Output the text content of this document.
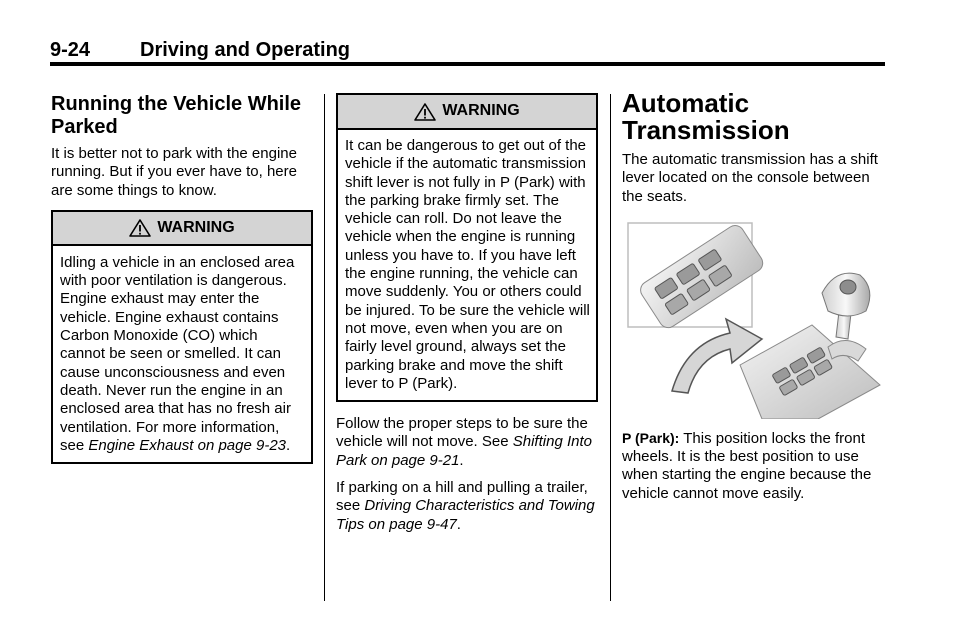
9-24 Driving and Operating
Running the Vehicle While Parked

It is better not to park with the engine running. But if you ever have to, here are some things to know.

WARNING
Idling a vehicle in an enclosed area with poor ventilation is dangerous. Engine exhaust may enter the vehicle. Engine exhaust contains Carbon Monoxide (CO) which cannot be seen or smelled. It can cause unconsciousness and even death. Never run the engine in an enclosed area that has no fresh air ventilation. For more information, see Engine Exhaust on page 9-23.
WARNING
It can be dangerous to get out of the vehicle if the automatic transmission shift lever is not fully in P (Park) with the parking brake firmly set. The vehicle can roll. Do not leave the vehicle when the engine is running unless you have to. If you have left the engine running, the vehicle can move suddenly. You or others could be injured. To be sure the vehicle will not move, even when you are on fairly level ground, always set the parking brake and move the shift lever to P (Park).

Follow the proper steps to be sure the vehicle will not move. See Shifting Into Park on page 9-21.

If parking on a hill and pulling a trailer, see Driving Characteristics and Towing Tips on page 9-47.

Automatic Transmission

The automatic transmission has a shift lever located on the console between the seats.

P (Park): This position locks the front wheels. It is the best position to use when starting the engine because the vehicle cannot move easily.
